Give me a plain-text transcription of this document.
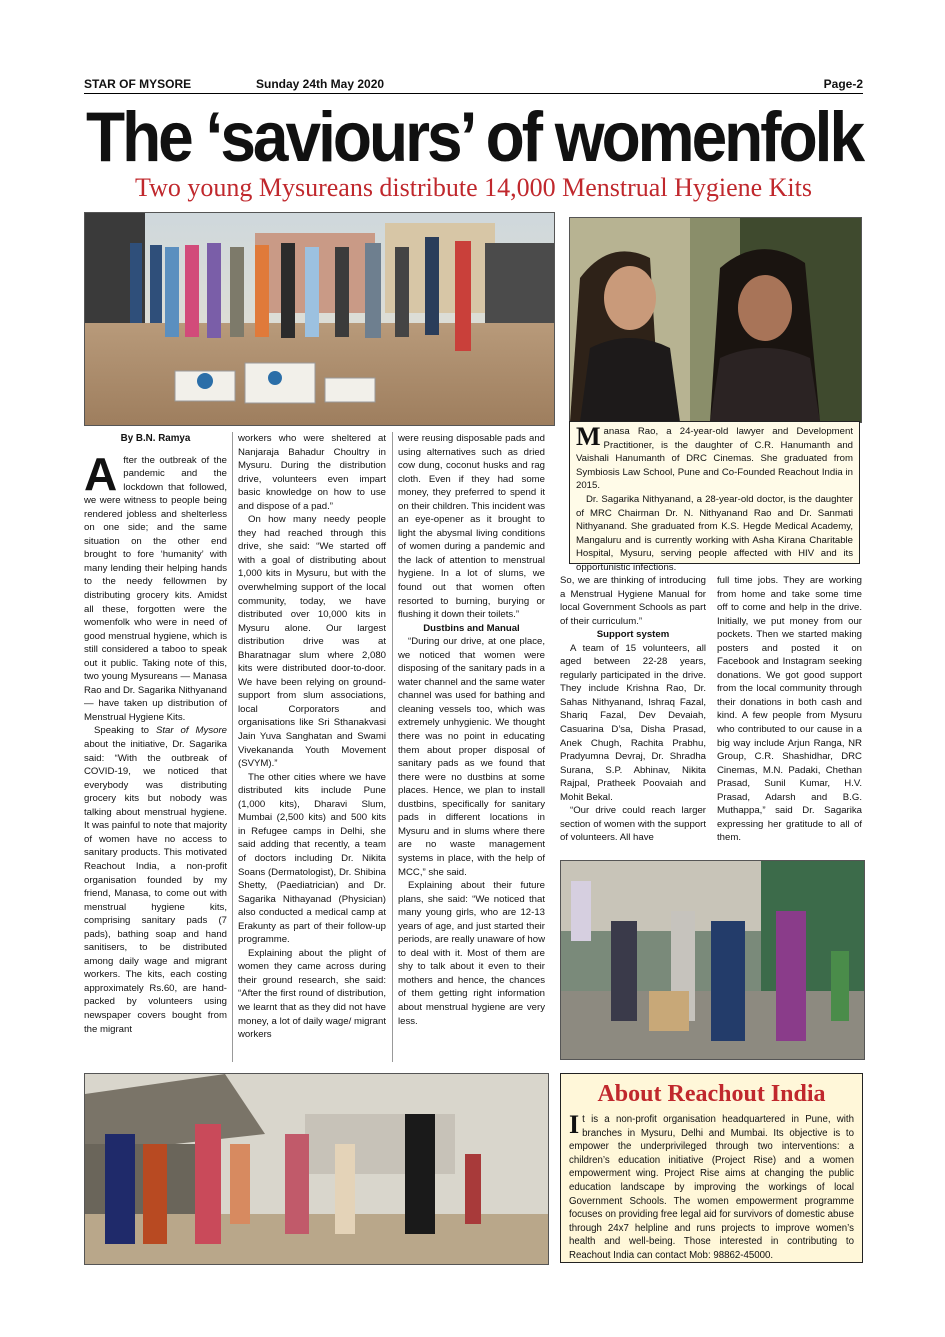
STAR OF MYSORE	Sunday 24th May 2020	Page-2
The ‘saviours’ of womenfolk
Two young Mysureans distribute 14,000 Menstrual Hygiene Kits

Manasa Rao, a 24-year-old lawyer and Development Practitioner, is the daughter of C.R. Hanumanth and Vaishali Hanumanth of DRC Cinemas. She graduated from Symbiosis Law School, Pune and Co-Founded Reachout India in 2015.

Dr. Sagarika Nithyanand, a 28-year-old doctor, is the daughter of MRC Chairman Dr. N. Nithyanand Rao and Dr. Sanmati Nithyanand. She graduated from K.S. Hegde Medical Academy, Mangaluru and is currently working with Asha Kirana Charitable Hospital, Mysuru, serving people affected with HIV and its opportunistic infections.

By B.N. Ramya

After the outbreak of the pandemic and the lockdown that followed, we were witness to people being rendered jobless and shelterless on one side; and the same situation on the other end brought to fore ‘humanity’ with many lending their helping hands to the needy fellowmen by distributing grocery kits. Amidst all these, forgotten were the womenfolk who were in need of good menstrual hygiene, which is still considered a taboo to speak out it public. Taking note of this, two young Mysureans — Manasa Rao and Dr. Sagarika Nithyanand — have taken up distribution of Menstrual Hygiene Kits.

Speaking to Star of Mysore about the initiative, Dr. Sagarika said: “With the outbreak of COVID-19, we noticed that everybody was distributing grocery kits but nobody was talking about menstrual hygiene. It was painful to note that majority of women have no access to sanitary products. This motivated Reachout India, a non-profit organisation founded by my friend, Manasa, to come out with menstrual hygiene kits, comprising sanitary pads (7 pads), bathing soap and hand sanitisers, to be distributed among daily wage and migrant workers. The kits, each costing approximately Rs.60, are hand-packed by volunteers using newspaper covers bought from the migrant

workers who were sheltered at Nanjaraja Bahadur Choultry in Mysuru. During the distribution drive, volunteers even impart basic knowledge on how to use and dispose of a pad.”

On how many needy people they had reached through this drive, she said: “We started off with a goal of distributing about 1,000 kits in Mysuru, but with the overwhelming support of the local community, today, we have distributed over 10,000 kits in Mysuru alone. Our largest distribution drive was at Bharatnagar slum where 2,080 kits were distributed door-to-door. We have been relying on ground-support from slum associations, local Corporators and organisations like Sri Sthanakvasi Jain Yuva Sanghatan and Swami Vivekananda Youth Movement (SVYM).”

The other cities where we have distributed kits include Pune (1,000 kits), Dharavi Slum, Mumbai (2,500 kits) and 500 kits in Refugee camps in Delhi, she said adding that recently, a team of doctors including Dr. Nikita Soans (Dermatologist), Dr. Shibina Shetty, (Paediatrician) and Dr. Sagarika Nithayanad (Physician) also conducted a medical camp at Erakunty as part of their follow-up programme.

Explaining about the plight of women they came across during their ground research, she said: “After the first round of distribution, we learnt that as they did not have money, a lot of daily wage/ migrant workers

were reusing disposable pads and using alternatives such as dried cow dung, coconut husks and rag cloth. Even if they had some money, they preferred to spend it on their children. This incident was an eye-opener as it brought to light the abysmal living conditions of women during a pandemic and the lack of attention to menstrual hygiene. In a lot of slums, we found out that women often resorted to burning, burying or flushing it down their toilets.”

Dustbins and Manual

“During our drive, at one place, we noticed that women were disposing of the sanitary pads in a water channel and the same water channel was used for bathing and cleaning vessels too, which was extremely unhygienic. We thought there was no point in educating them about proper disposal of sanitary pads as we found that there were no dustbins at some places. Hence, we plan to install dustbins, specifically for sanitary pads in different locations in Mysuru and in slums where there are no waste management systems in place, with the help of MCC,” she said.

Explaining about their future plans, she said: “We noticed that many young girls, who are 12-13 years of age, and just started their periods, are really unaware of how to deal with it. Most of them are shy to talk about it even to their mothers and hence, the chances of them getting right information about menstrual hygiene are very less.

So, we are thinking of introducing a Menstrual Hygiene Manual for local Government Schools as part of their curriculum.”

Support system

A team of 15 volunteers, all aged between 22-28 years, regularly participated in the drive. They include Krishna Rao, Dr. Sahas Nithyanand, Ishraq Fazal, Shariq Fazal, Dev Devaiah, Casuarina D’sa, Disha Prasad, Anek Chugh, Rachita Prabhu, Pradyumna Devraj, Dr. Shradha Surana, S.P. Abhinav, Nikita Rajpal, Pratheek Poovaiah and Mohit Bekal.

“Our drive could reach larger section of women with the support of volunteers. All have

full time jobs. They are working from home and take some time off to come and help in the drive. Initially, we put money from our pockets. Then we started making posters and posted it on Facebook and Instagram seeking donations. We got good support from the local community through their donations in both cash and kind. A few people from Mysuru who contributed to our cause in a big way include Arjun Ranga, NR Group, C.R. Shashidhar, DRC Cinemas, M.N. Padaki, Chethan Prasad, Sunil Kumar, H.V. Prasad, Adarsh and B.G. Muthappa,” said Dr. Sagarika expressing her gratitude to all of them.

About Reachout India

It is a non-profit organisation headquartered in Pune, with branches in Mysuru, Delhi and Mumbai. Its objective is to empower the underprivileged through two interventions: a children’s education initiative (Project Rise) and a women empowerment wing. Project Rise aims at changing the public education landscape by improving the workings of local Government Schools. The women empowerment programme focuses on providing free legal aid for survivors of domestic abuse through 24x7 helpline and runs projects to improve women’s health and well-being. Those interested in contributing to Reachout India can contact Mob: 98862-45000.
